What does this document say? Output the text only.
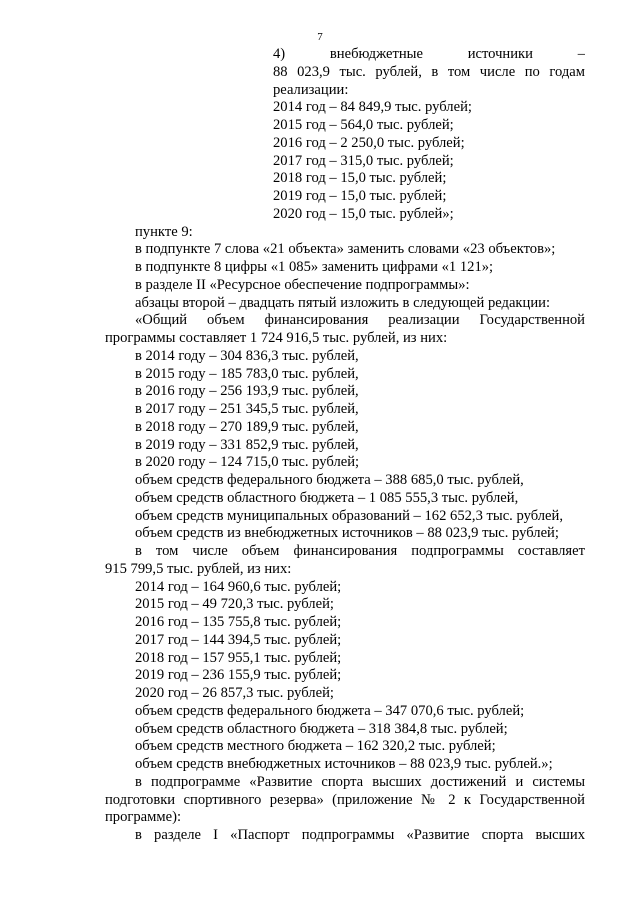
7
4) внебюджетные источники –
88 023,9 тыс. рублей, в том числе по годам
реализации:
2014 год – 84 849,9 тыс. рублей;
2015 год – 564,0 тыс. рублей;
2016 год – 2 250,0 тыс. рублей;
2017 год – 315,0 тыс. рублей;
2018 год – 15,0 тыс. рублей;
2019 год – 15,0 тыс. рублей;
2020 год – 15,0 тыс. рублей»;
пункте 9:
в подпункте 7 слова «21 объекта» заменить словами «23 объектов»;
в подпункте 8 цифры «1 085» заменить цифрами «1 121»;
в разделе II «Ресурсное обеспечение подпрограммы»:
абзацы второй – двадцать пятый изложить в следующей редакции:
«Общий объем финансирования реализации Государственной
программы составляет 1 724 916,5 тыс. рублей, из них:
в 2014 году – 304 836,3 тыс. рублей,
в 2015 году – 185 783,0 тыс. рублей,
в 2016 году – 256 193,9 тыс. рублей,
в 2017 году – 251 345,5 тыс. рублей,
в 2018 году – 270 189,9 тыс. рублей,
в 2019 году – 331 852,9 тыс. рублей,
в 2020 году – 124 715,0 тыс. рублей;
объем средств федерального бюджета – 388 685,0 тыс. рублей,
объем средств областного бюджета – 1 085 555,3 тыс. рублей,
объем средств муниципальных образований – 162 652,3 тыс. рублей,
объем средств из внебюджетных источников – 88 023,9 тыс. рублей;
в том числе объем финансирования подпрограммы составляет
915 799,5 тыс. рублей, из них:
2014 год – 164 960,6 тыс. рублей;
2015 год – 49 720,3 тыс. рублей;
2016 год – 135 755,8 тыс. рублей;
2017 год – 144 394,5 тыс. рублей;
2018 год – 157 955,1 тыс. рублей;
2019 год – 236 155,9 тыс. рублей;
2020 год – 26 857,3 тыс. рублей;
объем средств федерального бюджета – 347 070,6 тыс. рублей;
объем средств областного бюджета – 318 384,8 тыс. рублей;
объем средств местного бюджета – 162 320,2 тыс. рублей;
объем средств внебюджетных источников – 88 023,9 тыс. рублей.»;
в подпрограмме «Развитие спорта высших достижений и системы
подготовки спортивного резерва» (приложение № 2 к Государственной
программе):
в разделе I «Паспорт подпрограммы «Развитие спорта высших
